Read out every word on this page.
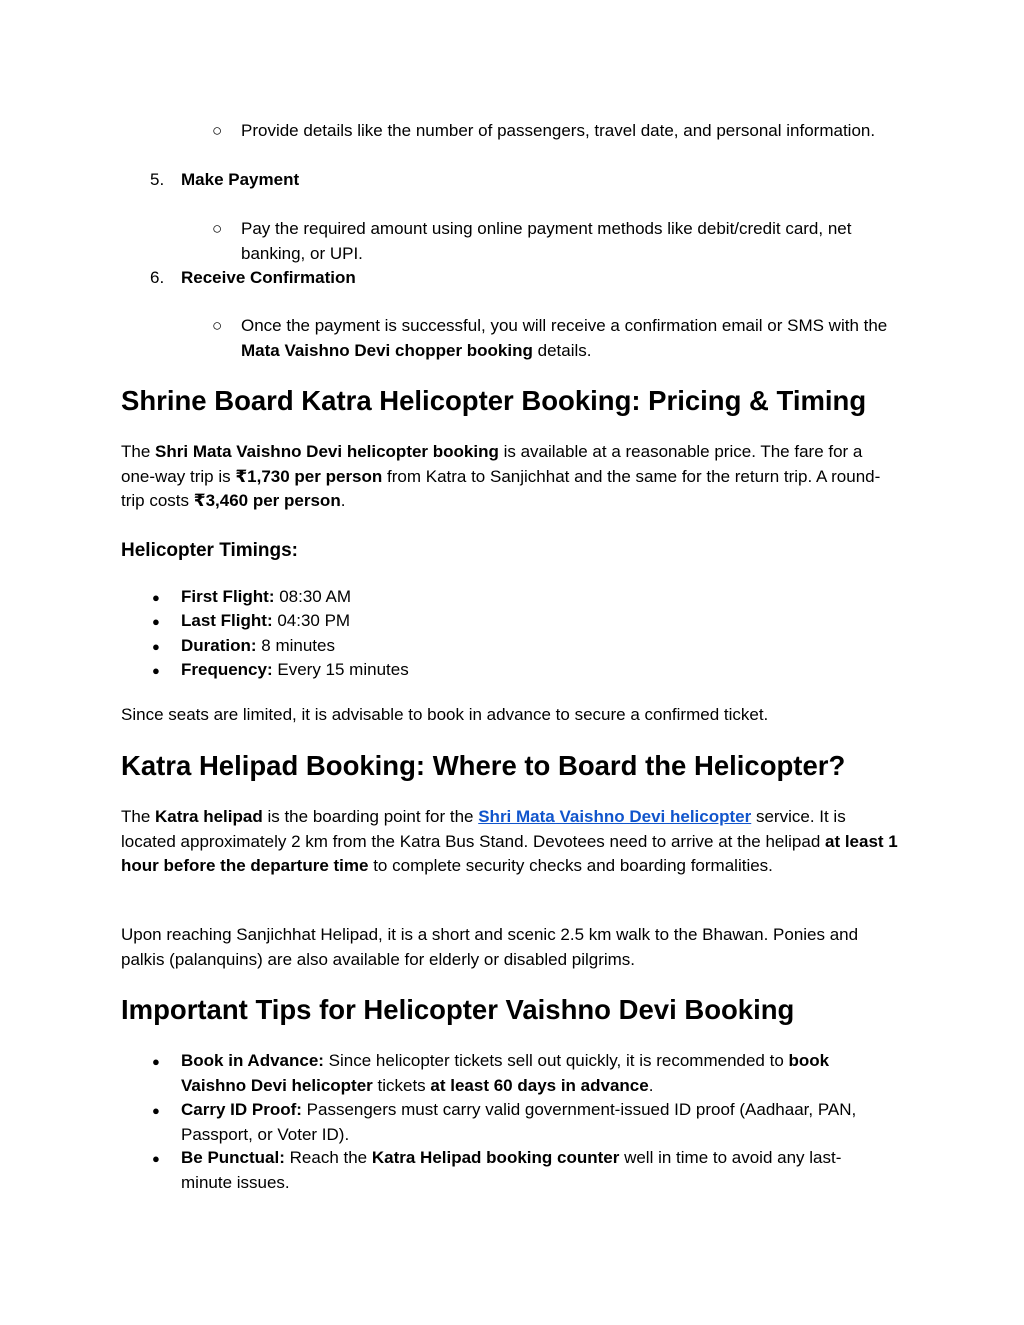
○ Provide details like the number of passengers, travel date, and personal information.

5. Make Payment

○ Pay the required amount using online payment methods like debit/credit card, net banking, or UPI.

6. Receive Confirmation

○ Once the payment is successful, you will receive a confirmation email or SMS with the Mata Vaishno Devi chopper booking details.

Shrine Board Katra Helicopter Booking: Pricing & Timing

The Shri Mata Vaishno Devi helicopter booking is available at a reasonable price. The fare for a one-way trip is ₹1,730 per person from Katra to Sanjichhat and the same for the return trip. A round-trip costs ₹3,460 per person.

Helicopter Timings:
● First Flight: 08:30 AM

● Last Flight: 04:30 PM

● Duration: 8 minutes

● Frequency: Every 15 minutes

Since seats are limited, it is advisable to book in advance to secure a confirmed ticket.

Katra Helipad Booking: Where to Board the Helicopter?

The Katra helipad is the boarding point for the Shri Mata Vaishno Devi helicopter service. It is located approximately 2 km from the Katra Bus Stand. Devotees need to arrive at the helipad at least 1 hour before the departure time to complete security checks and boarding formalities.

Upon reaching Sanjichhat Helipad, it is a short and scenic 2.5 km walk to the Bhawan. Ponies and palkis (palanquins) are also available for elderly or disabled pilgrims.

Important Tips for Helicopter Vaishno Devi Booking
● Book in Advance: Since helicopter tickets sell out quickly, it is recommended to book Vaishno Devi helicopter tickets at least 60 days in advance.

● Carry ID Proof: Passengers must carry valid government-issued ID proof (Aadhaar, PAN, Passport, or Voter ID).

● Be Punctual: Reach the Katra Helipad booking counter well in time to avoid any last-minute issues.
